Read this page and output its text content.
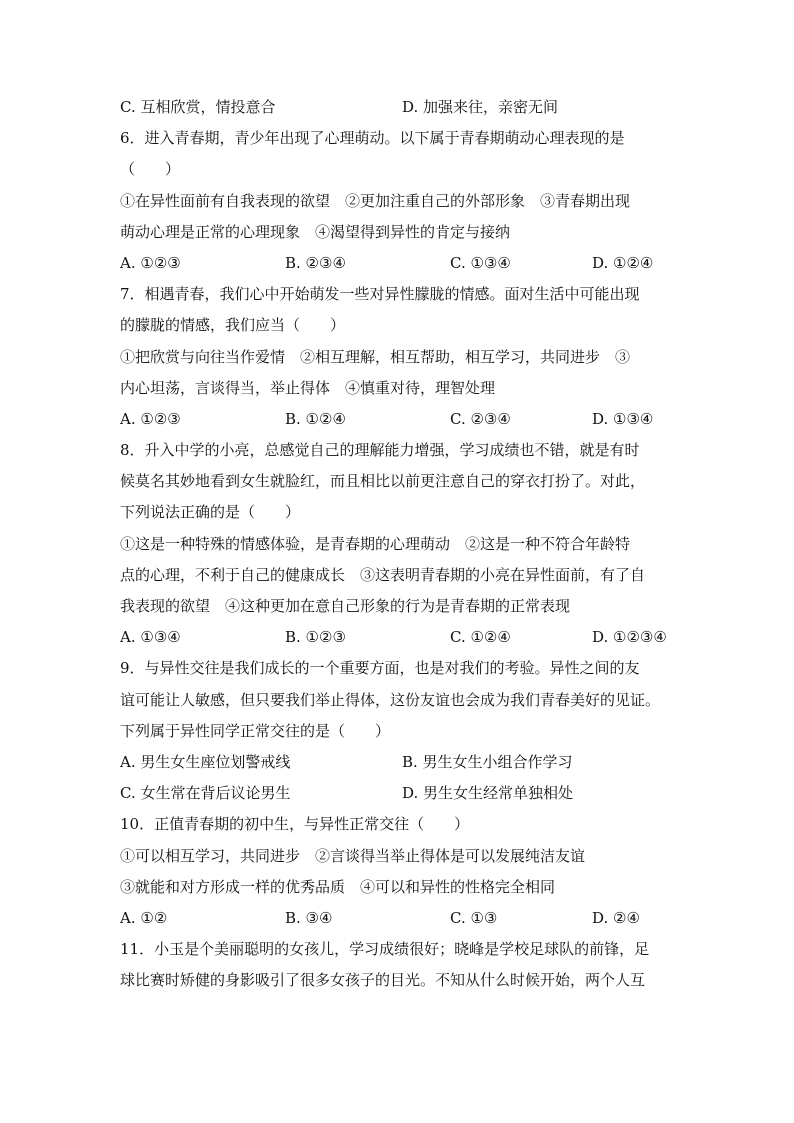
C. 互相欣赏，情投意合	D. 加强来往，亲密无间
6．进入青春期，青少年出现了心理萌动。以下属于青春期萌动心理表现的是
（　　）
①在异性面前有自我表现的欲望　②更加注重自己的外部形象　③青春期出现
萌动心理是正常的心理现象　④渴望得到异性的肯定与接纳
A. ①②③	B. ②③④	C. ①③④	D. ①②④
7．相遇青春，我们心中开始萌发一些对异性朦胧的情感。面对生活中可能出现
的朦胧的情感，我们应当（　　）
①把欣赏与向往当作爱情　②相互理解，相互帮助，相互学习，共同进步　③
内心坦荡，言谈得当，举止得体　④慎重对待，理智处理
A. ①②③	B. ①②④	C. ②③④	D. ①③④
8．升入中学的小亮，总感觉自己的理解能力增强，学习成绩也不错，就是有时
候莫名其妙地看到女生就脸红，而且相比以前更注意自己的穿衣打扮了。对此，
下列说法正确的是（　　）
①这是一种特殊的情感体验，是青春期的心理萌动　②这是一种不符合年龄特
点的心理，不利于自己的健康成长　③这表明青春期的小亮在异性面前，有了自
我表现的欲望　④这种更加在意自己形象的行为是青春期的正常表现
A. ①③④	B. ①②③	C. ①②④	D. ①②③④
9．与异性交往是我们成长的一个重要方面，也是对我们的考验。异性之间的友
谊可能让人敏感，但只要我们举止得体，这份友谊也会成为我们青春美好的见证。
下列属于异性同学正常交往的是（　　）
A. 男生女生座位划警戒线	B. 男生女生小组合作学习
C. 女生常在背后议论男生	D. 男生女生经常单独相处
10．正值青春期的初中生，与异性正常交往（　　）
①可以相互学习，共同进步　②言谈得当举止得体是可以发展纯洁友谊
③就能和对方形成一样的优秀品质　④可以和异性的性格完全相同
A. ①②	B. ③④	C. ①③	D. ②④
11．小玉是个美丽聪明的女孩儿，学习成绩很好；晓峰是学校足球队的前锋，足
球比赛时矫健的身影吸引了很多女孩子的目光。不知从什么时候开始，两个人互
